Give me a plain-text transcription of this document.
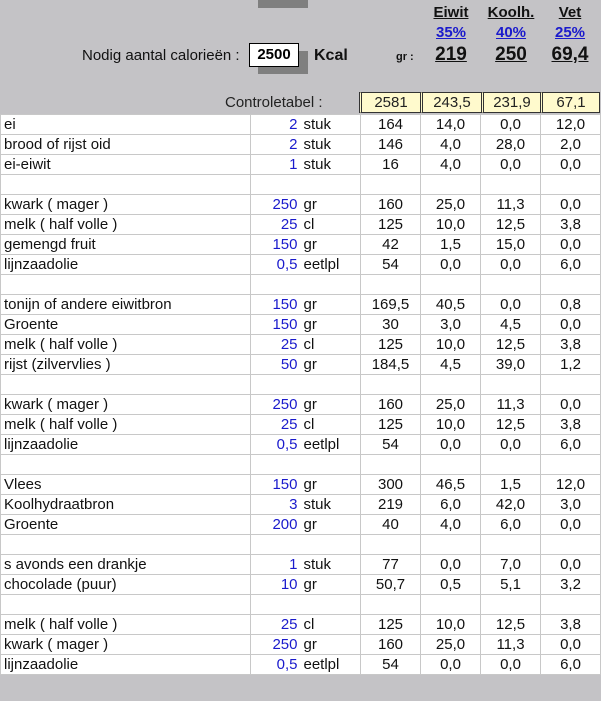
Nodig aantal calorieën :	2500	Kcal	gr :
Eiwit	Koolh.	Vet
35%	40%	25%
219	250	69,4
Controletabel :	2581	243,5	231,9	67,1
ei	2	stuk	164	14,0	0,0	12,0
brood of rijst oid	2	stuk	146	4,0	28,0	2,0
ei-eiwit	1	stuk	16	4,0	0,0	0,0

kwark ( mager )	250	gr	160	25,0	11,3	0,0
melk ( half volle )	25	cl	125	10,0	12,5	3,8
gemengd fruit	150	gr	42	1,5	15,0	0,0
lijnzaadolie	0,5	eetlpl	54	0,0	0,0	6,0

tonijn of andere eiwitbron	150	gr	169,5	40,5	0,0	0,8
Groente	150	gr	30	3,0	4,5	0,0
melk ( half volle )	25	cl	125	10,0	12,5	3,8
rijst (zilvervlies )	50	gr	184,5	4,5	39,0	1,2

kwark ( mager )	250	gr	160	25,0	11,3	0,0
melk ( half volle )	25	cl	125	10,0	12,5	3,8
lijnzaadolie	0,5	eetlpl	54	0,0	0,0	6,0

Vlees	150	gr	300	46,5	1,5	12,0
Koolhydraatbron	3	stuk	219	6,0	42,0	3,0
Groente	200	gr	40	4,0	6,0	0,0

s avonds een drankje	1	stuk	77	0,0	7,0	0,0
chocolade (puur)	10	gr	50,7	0,5	5,1	3,2

melk ( half volle )	25	cl	125	10,0	12,5	3,8
kwark ( mager )	250	gr	160	25,0	11,3	0,0
lijnzaadolie	0,5	eetlpl	54	0,0	0,0	6,0
